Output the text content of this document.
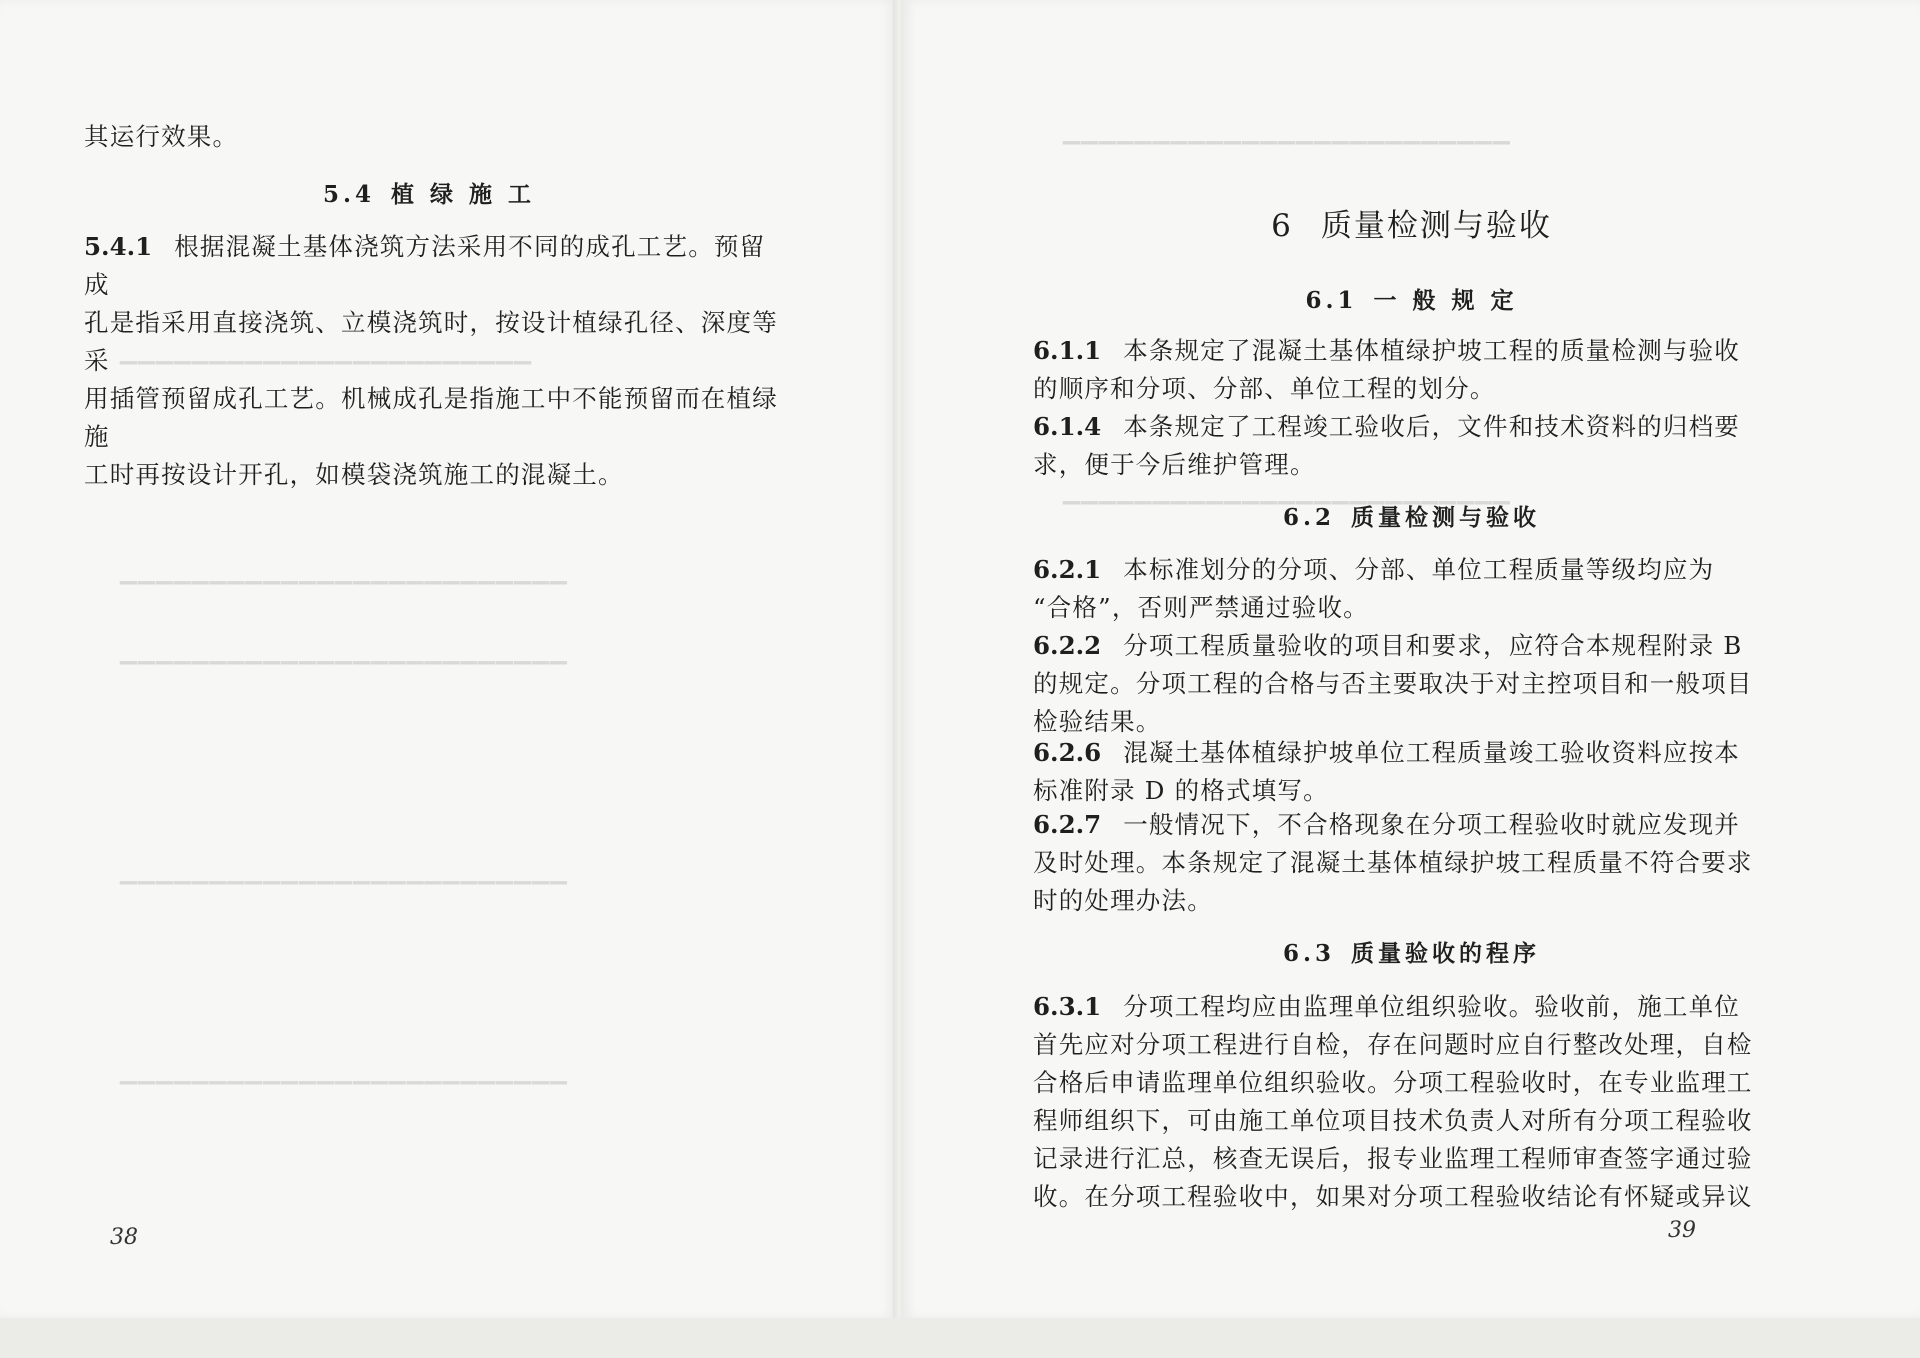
▁▁▁▁▁▁▁▁▁▁▁▁▁▁▁▁▁▁▁▁▁▁▁
▁▁▁▁▁▁▁▁▁▁▁▁▁▁▁▁▁▁▁▁▁▁▁▁▁
▁▁▁▁▁▁▁▁▁▁▁▁▁▁▁▁▁▁▁▁▁▁▁▁▁
▁▁▁▁▁▁▁▁▁▁▁▁▁▁▁▁▁▁▁▁▁▁▁▁▁
▁▁▁▁▁▁▁▁▁▁▁▁▁▁▁▁▁▁▁▁▁▁▁▁▁
其运行效果。
5.4 植 绿 施 工

5.4.1 根据混凝土基体浇筑方法采用不同的成孔工艺。预留成

孔是指采用直接浇筑、立模浇筑时，按设计植绿孔径、深度等采

用插管预留成孔工艺。机械成孔是指施工中不能预留而在植绿施

工时再按设计开孔，如模袋浇筑施工的混凝土。

38
▁▁▁▁▁▁▁▁▁▁▁▁▁▁▁▁▁▁▁▁▁▁▁▁▁
▁▁▁▁▁▁▁▁▁▁▁▁▁▁▁▁▁▁▁▁▁▁▁▁▁
6 质量检测与验收
6.1 一 般 规 定

6.1.1 本条规定了混凝土基体植绿护坡工程的质量检测与验收

的顺序和分项、分部、单位工程的划分。

6.1.4 本条规定了工程竣工验收后，文件和技术资料的归档要

求，便于今后维护管理。

6.2 质量检测与验收

6.2.1 本标准划分的分项、分部、单位工程质量等级均应为

“合格”，否则严禁通过验收。

6.2.2 分项工程质量验收的项目和要求，应符合本规程附录 B

的规定。分项工程的合格与否主要取决于对主控项目和一般项目

检验结果。

6.2.6 混凝土基体植绿护坡单位工程质量竣工验收资料应按本

标准附录 D 的格式填写。

6.2.7 一般情况下，不合格现象在分项工程验收时就应发现并

及时处理。本条规定了混凝土基体植绿护坡工程质量不符合要求

时的处理办法。

6.3 质量验收的程序

6.3.1 分项工程均应由监理单位组织验收。验收前，施工单位

首先应对分项工程进行自检，存在问题时应自行整改处理，自检

合格后申请监理单位组织验收。分项工程验收时，在专业监理工

程师组织下，可由施工单位项目技术负责人对所有分项工程验收

记录进行汇总，核查无误后，报专业监理工程师审查签字通过验

收。在分项工程验收中，如果对分项工程验收结论有怀疑或异议

39
